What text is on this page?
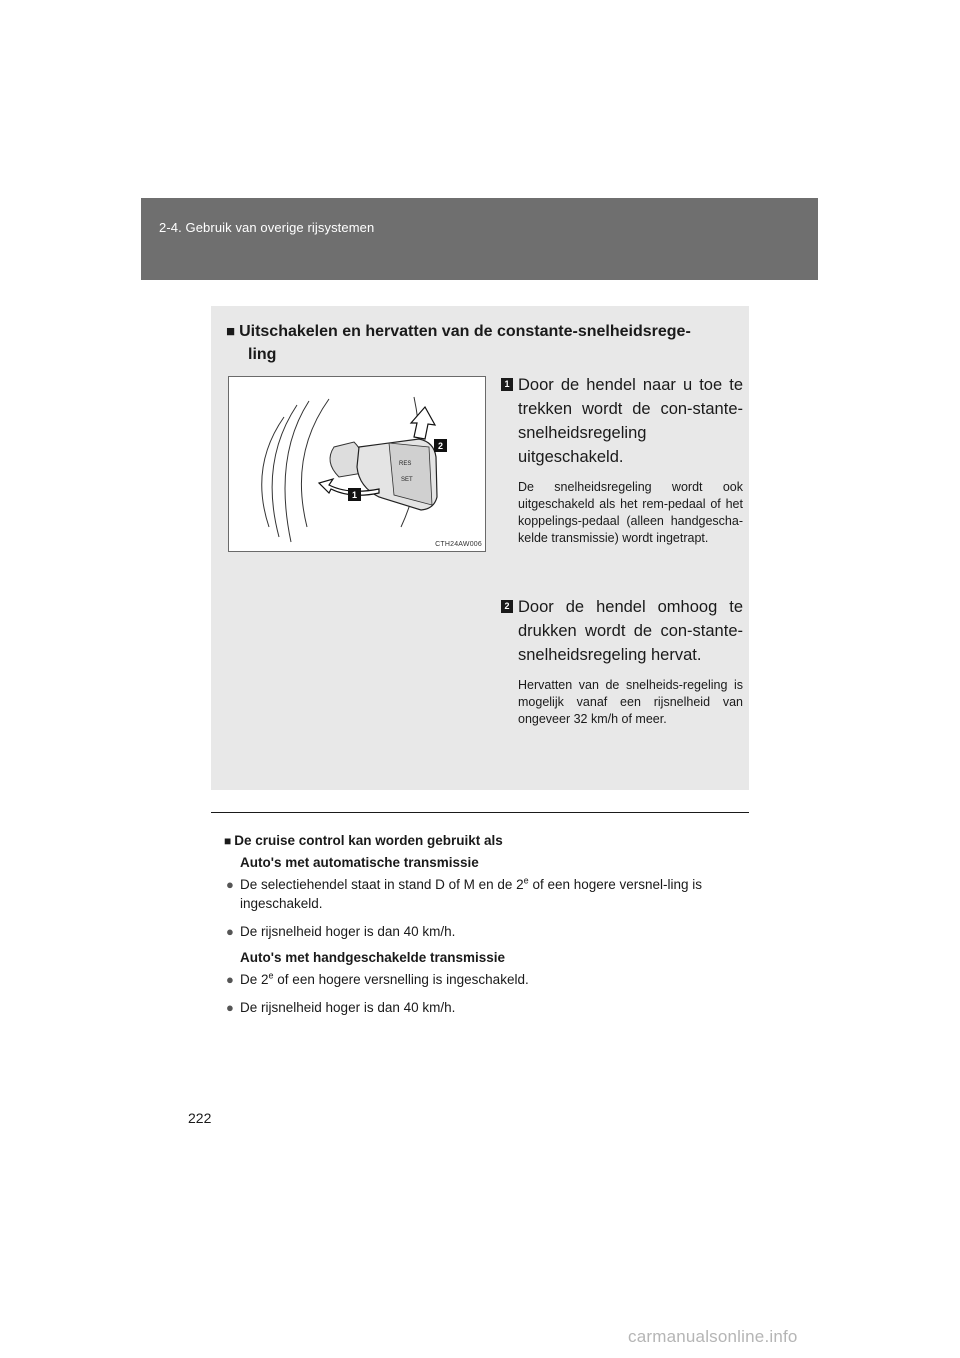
2-4. Gebruik van overige rijsystemen
■ Uitschakelen en hervatten van de constante-snelheidsrege-
ling
RES
SET
1
2
CTH24AW006
1 Door de hendel naar u toe te trekken wordt de con-stante-snelheidsregeling uitgeschakeld.
De snelheidsregeling wordt ook uitgeschakeld als het rem-pedaal of het koppelings-pedaal (alleen handgescha-kelde transmissie) wordt ingetrapt.
2 Door de hendel omhoog te drukken wordt de con-stante-snelheidsregeling hervat.
Hervatten van de snelheids-regeling is mogelijk vanaf een rijsnelheid van ongeveer 32 km/h of meer.
■ De cruise control kan worden gebruikt als
Auto's met automatische transmissie
● De selectiehendel staat in stand D of M en de 2e of een hogere versnel-ling is ingeschakeld.
● De rijsnelheid hoger is dan 40 km/h.
Auto's met handgeschakelde transmissie
● De 2e of een hogere versnelling is ingeschakeld.
● De rijsnelheid hoger is dan 40 km/h.
222
carmanualsonline.info
